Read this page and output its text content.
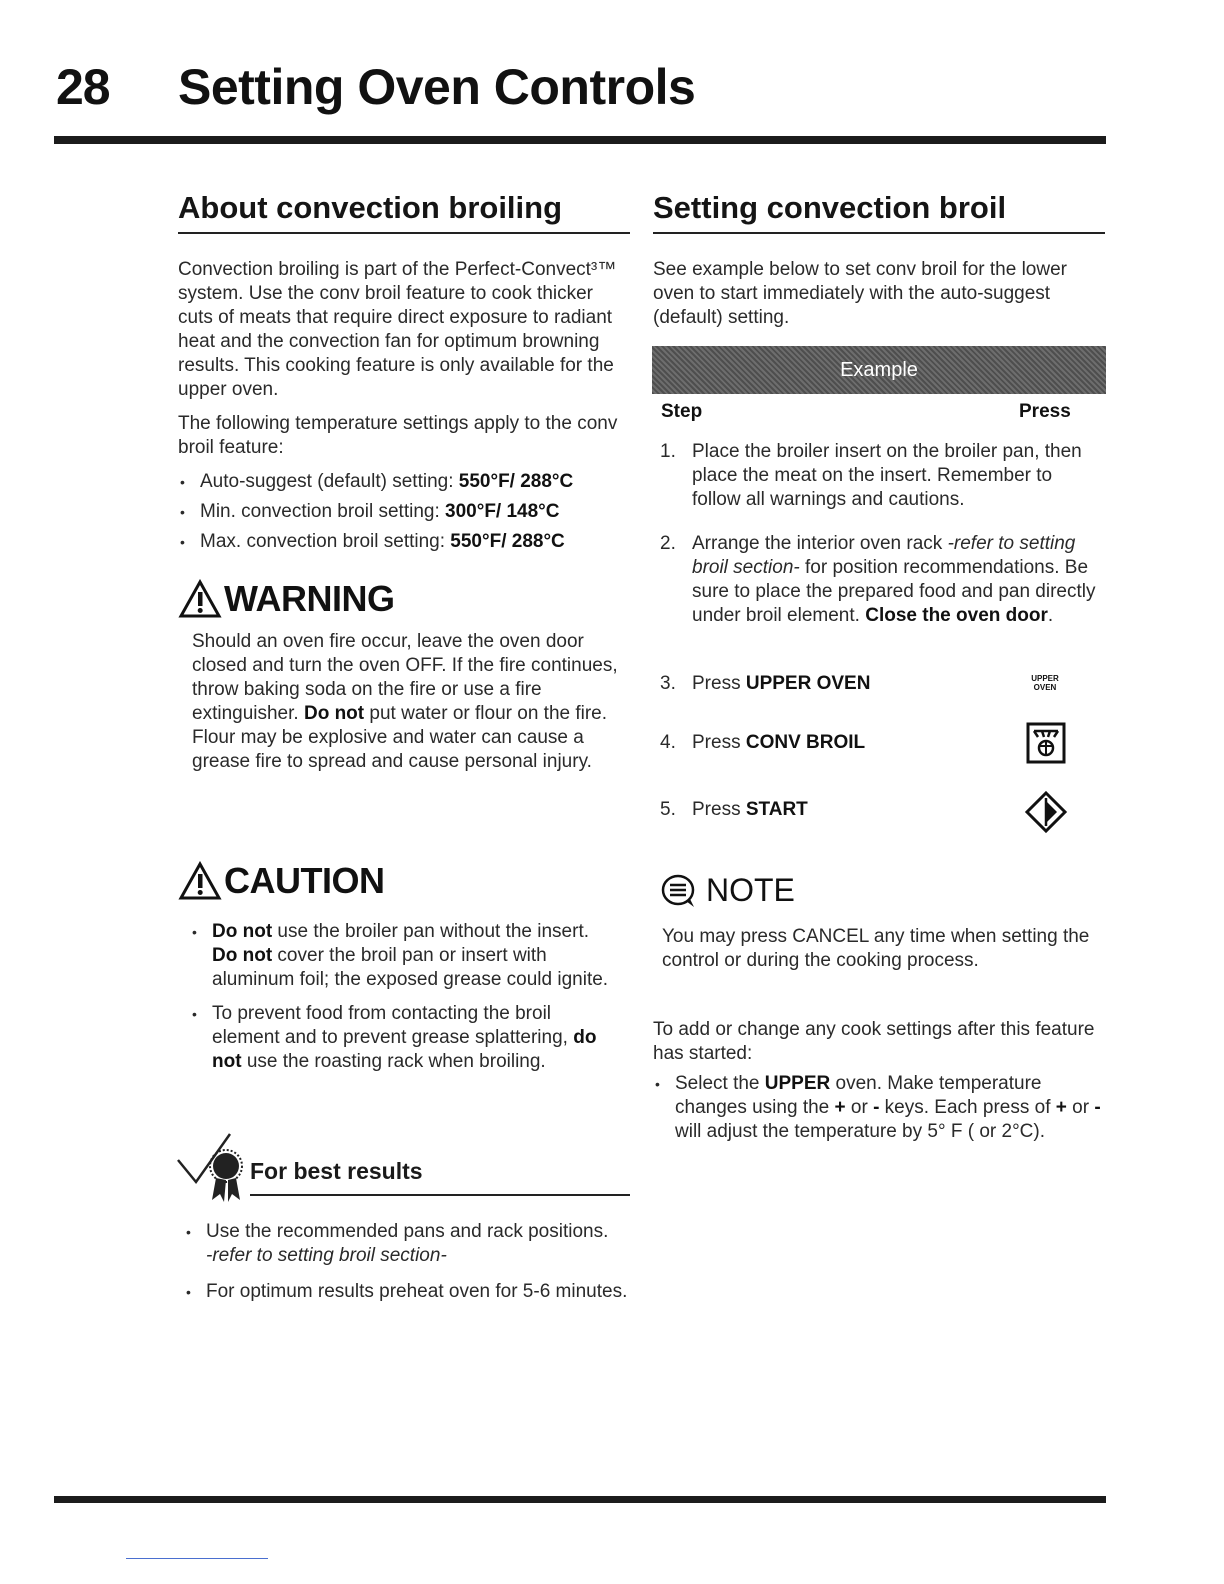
28 Setting Oven Controls
About convection broiling

Convection broiling is part of the Perfect-Convect³™ system. Use the conv broil feature to cook thicker cuts of meats that require direct exposure to radiant heat and the convection fan for optimum browning results. This cooking feature is only available for the upper oven.

The following temperature settings apply to the conv broil feature:

• Auto-suggest (default) setting: 550°F/ 288°C
• Min. convection broil setting: 300°F/ 148°C
• Max. convection broil setting: 550°F/ 288°C
WARNING
Should an oven fire occur, leave the oven door closed and turn the oven OFF. If the fire continues, throw baking soda on the fire or use a fire extinguisher. Do not put water or flour on the fire. Flour may be explosive and water can cause a grease fire to spread and cause personal injury.
CAUTION
• Do not use the broiler pan without the insert. Do not cover the broil pan or insert with aluminum foil; the exposed grease could ignite.
• To prevent food from contacting the broil element and to prevent grease splattering, do not use the roasting rack when broiling.
For best results
• Use the recommended pans and rack positions.
-refer to setting broil section-
• For optimum results preheat oven for 5-6 minutes.
Setting convection broil
See example below to set conv broil for the lower oven to start immediately with the auto-suggest (default) setting.
Example
Step	Press
1. Place the broiler insert on the broiler pan, then place the meat on the insert. Remember to follow all warnings and cautions.
2. Arrange the interior oven rack -refer to setting broil section- for position recommendations. Be sure to place the prepared food and pan directly under broil element. Close the oven door.
3. Press UPPER OVEN	UPPER
OVEN
4. Press CONV BROIL
5. Press START
NOTE
You may press CANCEL any time when setting the control or during the cooking process.
To add or change any cook settings after this feature has started:
• Select the UPPER oven. Make temperature changes using the + or - keys. Each press of + or - will adjust the temperature by 5° F ( or 2°C).
